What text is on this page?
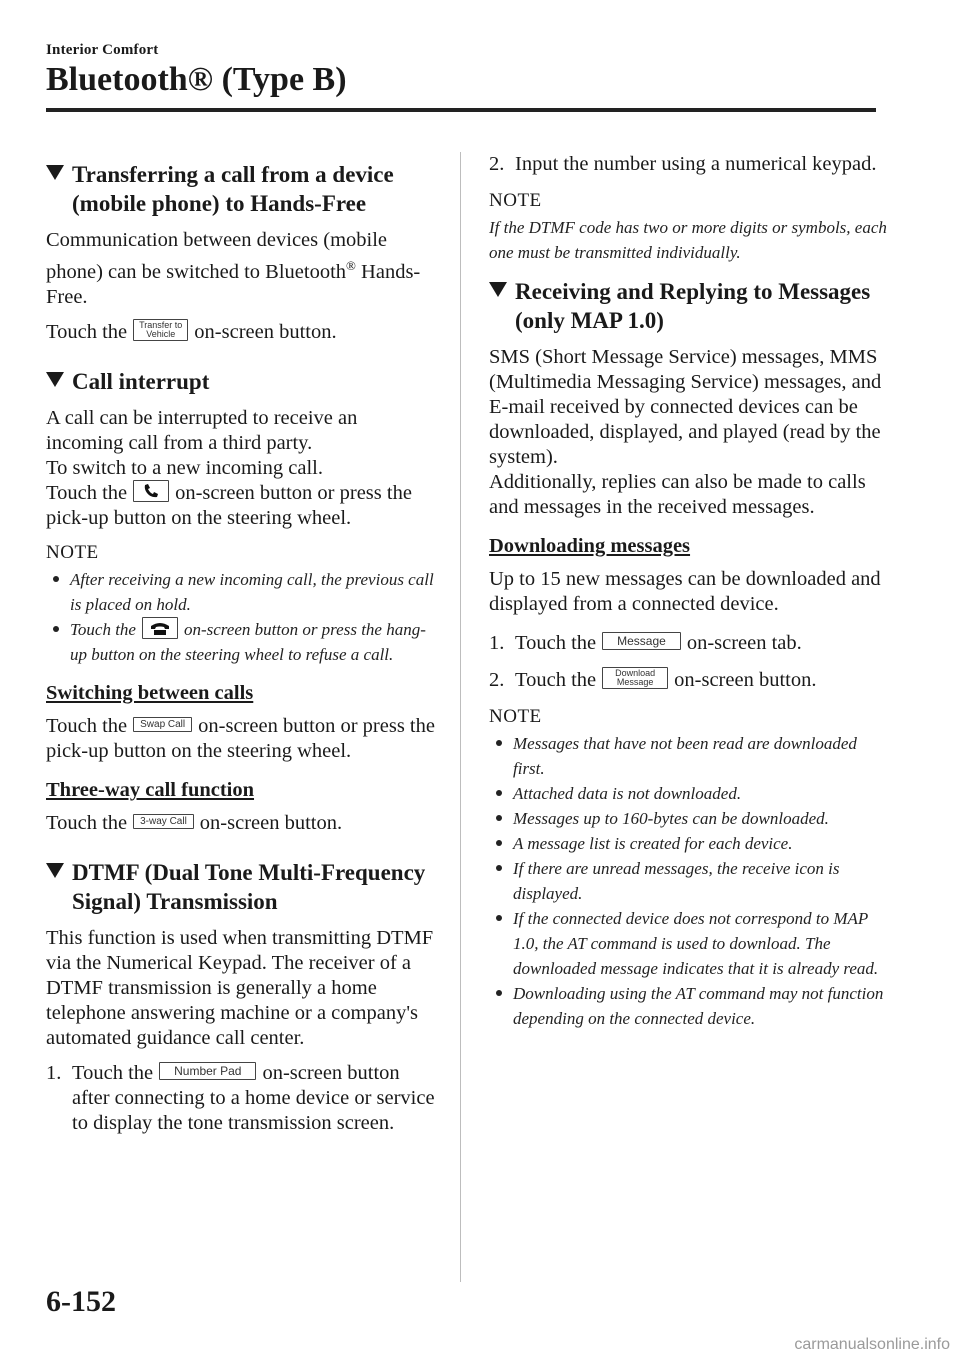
Interior Comfort
Bluetooth® (Type B)
Transferring a call from a device (mobile phone) to Hands-Free

Communication between devices (mobile phone) can be switched to Bluetooth® Hands-Free.

Touch the Transfer to
Vehicle on-screen button.

Call interrupt

A call can be interrupted to receive an incoming call from a third party.

To switch to a new incoming call.

Touch the on-screen button or press the pick-up button on the steering wheel.

NOTE
After receiving a new incoming call, the previous call is placed on hold.
Touch the	on-screen button or press the hang-up button on the steering wheel to refuse a call.
Switching between calls

Touch the Swap Call on-screen button or press the pick-up button on the steering wheel.

Three-way call function

Touch the 3-way Call on-screen button.

DTMF (Dual Tone Multi-Frequency Signal) Transmission

This function is used when transmitting DTMF via the Numerical Keypad. The receiver of a DTMF transmission is generally a home telephone answering machine or a company's automated guidance call center.

1. Touch the Number Pad on-screen button after connecting to a home device or service to display the tone transmission screen.
2. Input the number using a numerical keypad.
NOTE

If the DTMF code has two or more digits or symbols, each one must be transmitted individually.

Receiving and Replying to Messages (only MAP 1.0)

SMS (Short Message Service) messages, MMS (Multimedia Messaging Service) messages, and E-mail received by connected devices can be downloaded, displayed, and played (read by the system).

Additionally, replies can also be made to calls and messages in the received messages.

Downloading messages

Up to 15 new messages can be downloaded and displayed from a connected device.

1. Touch the Message on-screen tab.
2. Touch the Download
Message on-screen button.
NOTE
Messages that have not been read are downloaded first.
Attached data is not downloaded.
Messages up to 160-bytes can be downloaded.
A message list is created for each device.
If there are unread messages, the receive icon is displayed.
If the connected device does not correspond to MAP 1.0, the AT command is used to download. The downloaded message indicates that it is already read.
Downloading using the AT command may not function depending on the connected device.
6-152
carmanualsonline.info
